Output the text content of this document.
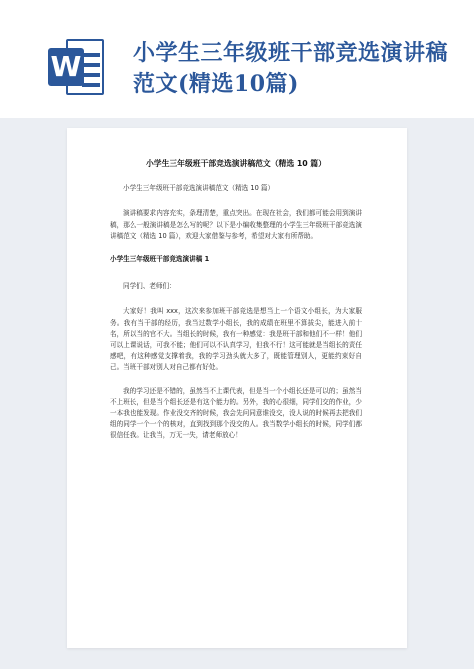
W 小学生三年级班干部竞选演讲稿范文(精选10篇)

小学生三年级班干部竞选演讲稿范文（精选 10 篇）

小学生三年级班干部竞选演讲稿范文（精选 10 篇）

演讲稿要求内容充实，条理清楚，重点突出。在现在社会，我们都可能会用到演讲稿，那么一般演讲稿是怎么写的呢？以下是小编收集整理的小学生三年级班干部竞选演讲稿范文（精选 10 篇），欢迎大家借鉴与参考，希望对大家有所帮助。

小学生三年级班干部竞选演讲稿 1

同学们、老师们：

大家好！我叫 xxx，这次来参加班干部竞选是想当上一个语文小组长，为大家服务。我有当干部的经历，我当过数学小组长，我的成绩在班里不算拔尖，能进入前十名，所以当的官不大。当组长的时候，我有一种感觉：我是班干部和他们不一样！他们可以上课说话，可我不能；他们可以不认真学习，但我不行！这可能就是当组长的责任感吧，有这种感觉支撑着我，我的学习劲头就大多了，既能管理别人，更能约束好自己。当班干部对别人对自己都有好处。

我的学习还是不错的，虽然当不上课代表，但是当一个小组长还是可以的；虽然当不上班长，但是当个组长还是有这个能力的。另外，我的心很细，同学们交的作业，少一本我也能发现。作业没交齐的时候，我会先问同意谁没交，没人说的时候再去把我们组的同学一个一个的核对，直到找到那个没交的人。我当数学小组长的时候，同学们都很信任我。让我当，万无一失，请老师放心！
